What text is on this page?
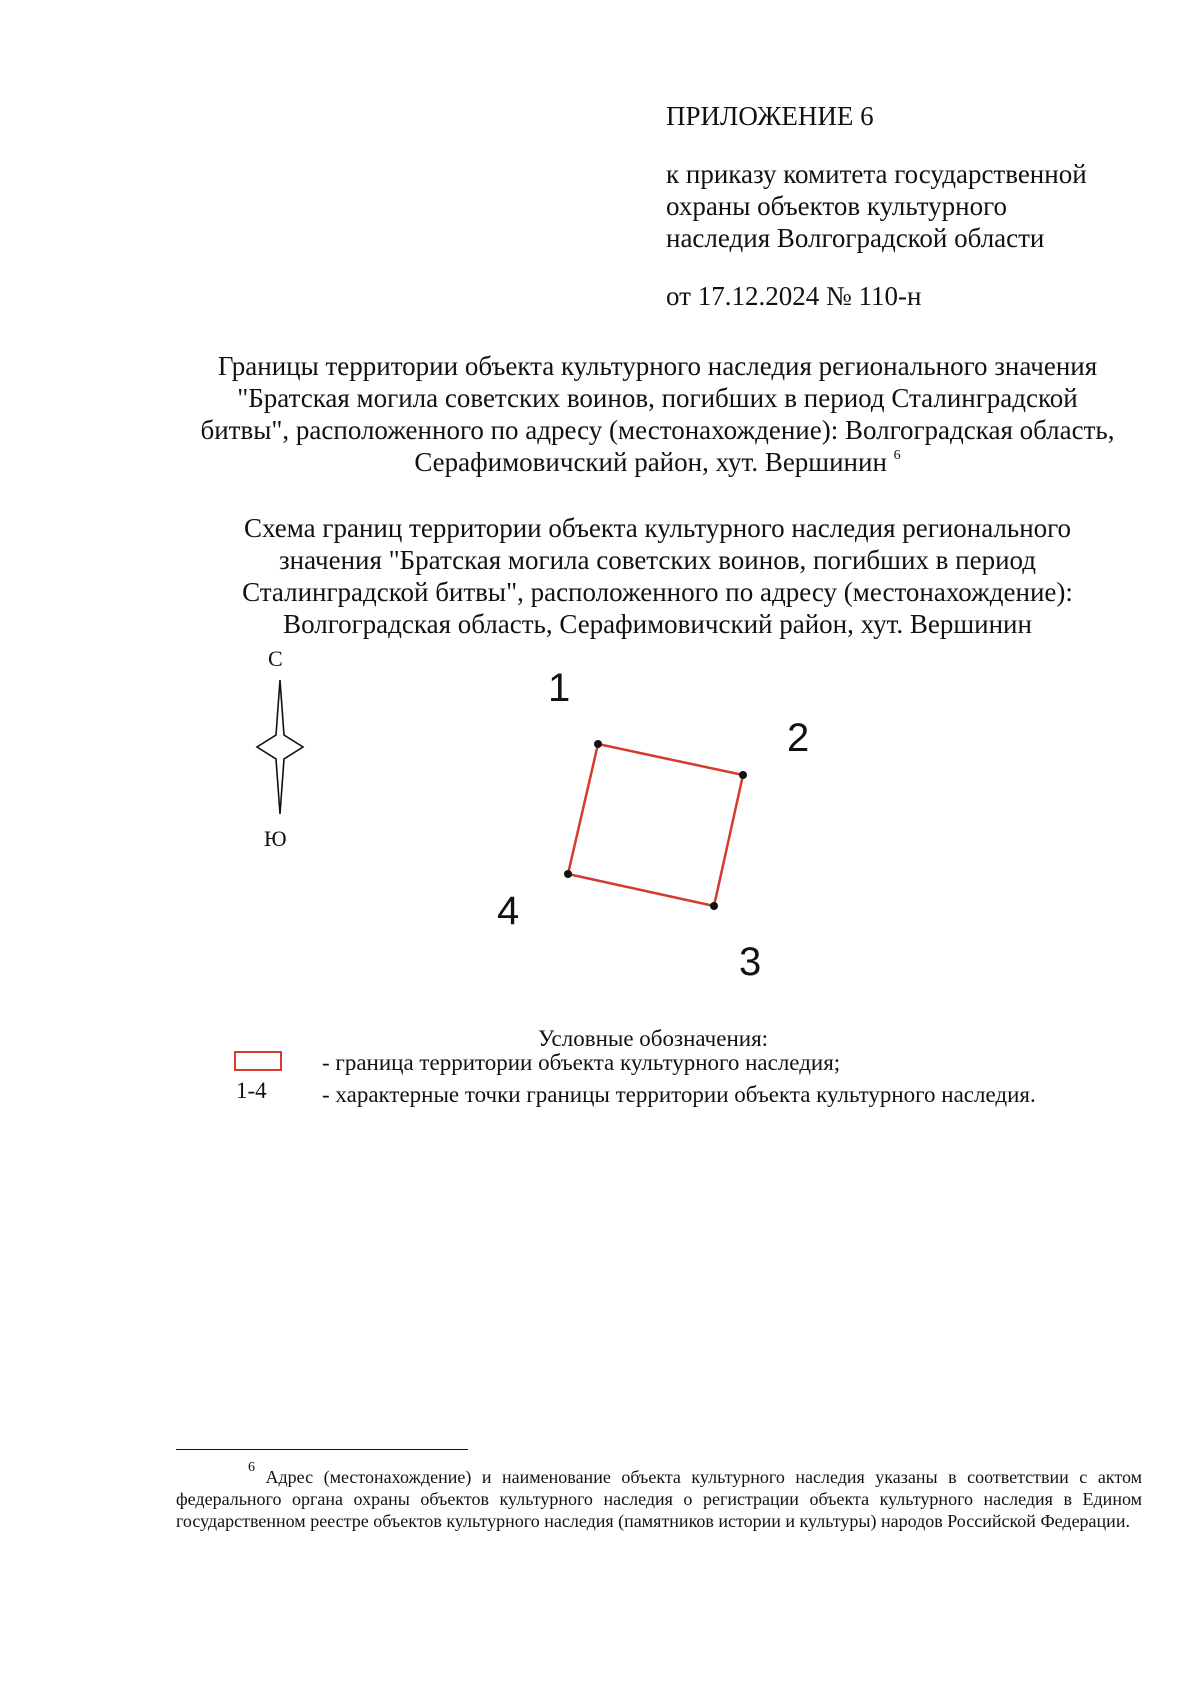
ПРИЛОЖЕНИЕ 6

к приказу комитета государственной
охраны объектов культурного
наследия Волгоградской области

от 17.12.2024 № 110-н

Границы территории объекта культурного наследия регионального значения
"Братская могила советских воинов, погибших в период Сталинградской
битвы", расположенного по адресу (местонахождение): Волгоградская область,
Серафимовичский район, хут. Вершинин $^6$
Схема границ территории объекта культурного наследия регионального
значения "Братская могила советских воинов, погибших в период
Сталинградской битвы", расположенного по адресу (местонахождение):
Волгоградская область, Серафимовичский район, хут. Вершинин
С
Ю
1
2
3
4
Условные обозначения:
- граница территории объекта культурного наследия;
1-4 - характерные точки границы территории объекта культурного наследия.

$^6$ Адрес (местонахождение) и наименование объекта культурного наследия указаны в соответствии с актом федерального органа охраны объектов культурного наследия о регистрации объекта культурного наследия в Едином государственном реестре объектов культурного наследия (памятников истории и культуры) народов Российской Федерации.
